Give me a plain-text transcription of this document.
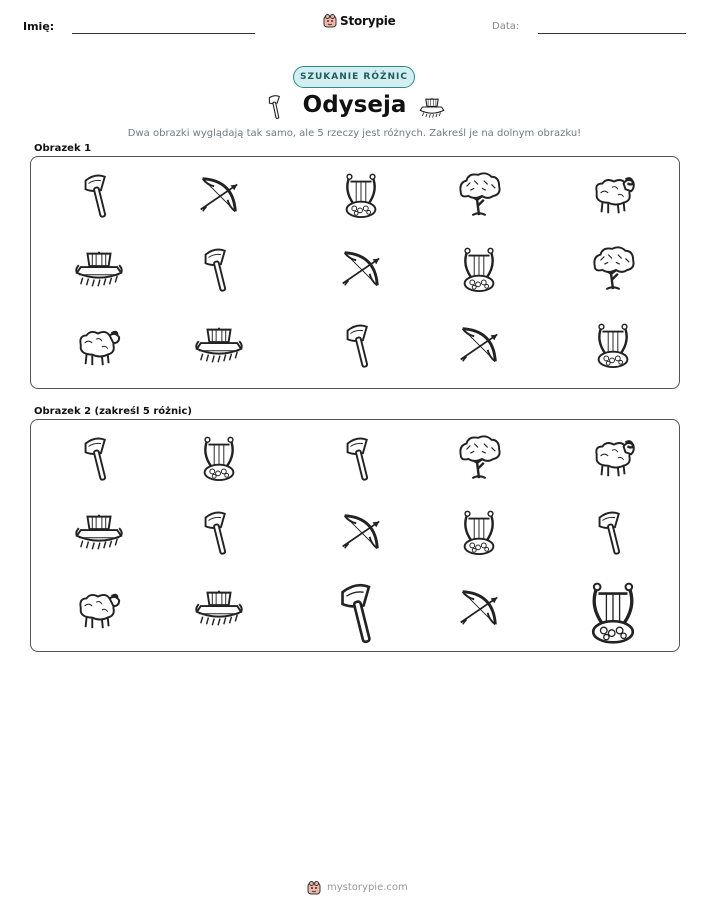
Imię:	Storypie	Data:
SZUKANIE RÓŻNIC
Odyseja
Dwa obrazki wyglądają tak samo, ale 5 rzeczy jest różnych. Zakreśl je na dolnym obrazku!
Obrazek 1
Obrazek 2 (zakreśl 5 różnic)
mystorypie.com
